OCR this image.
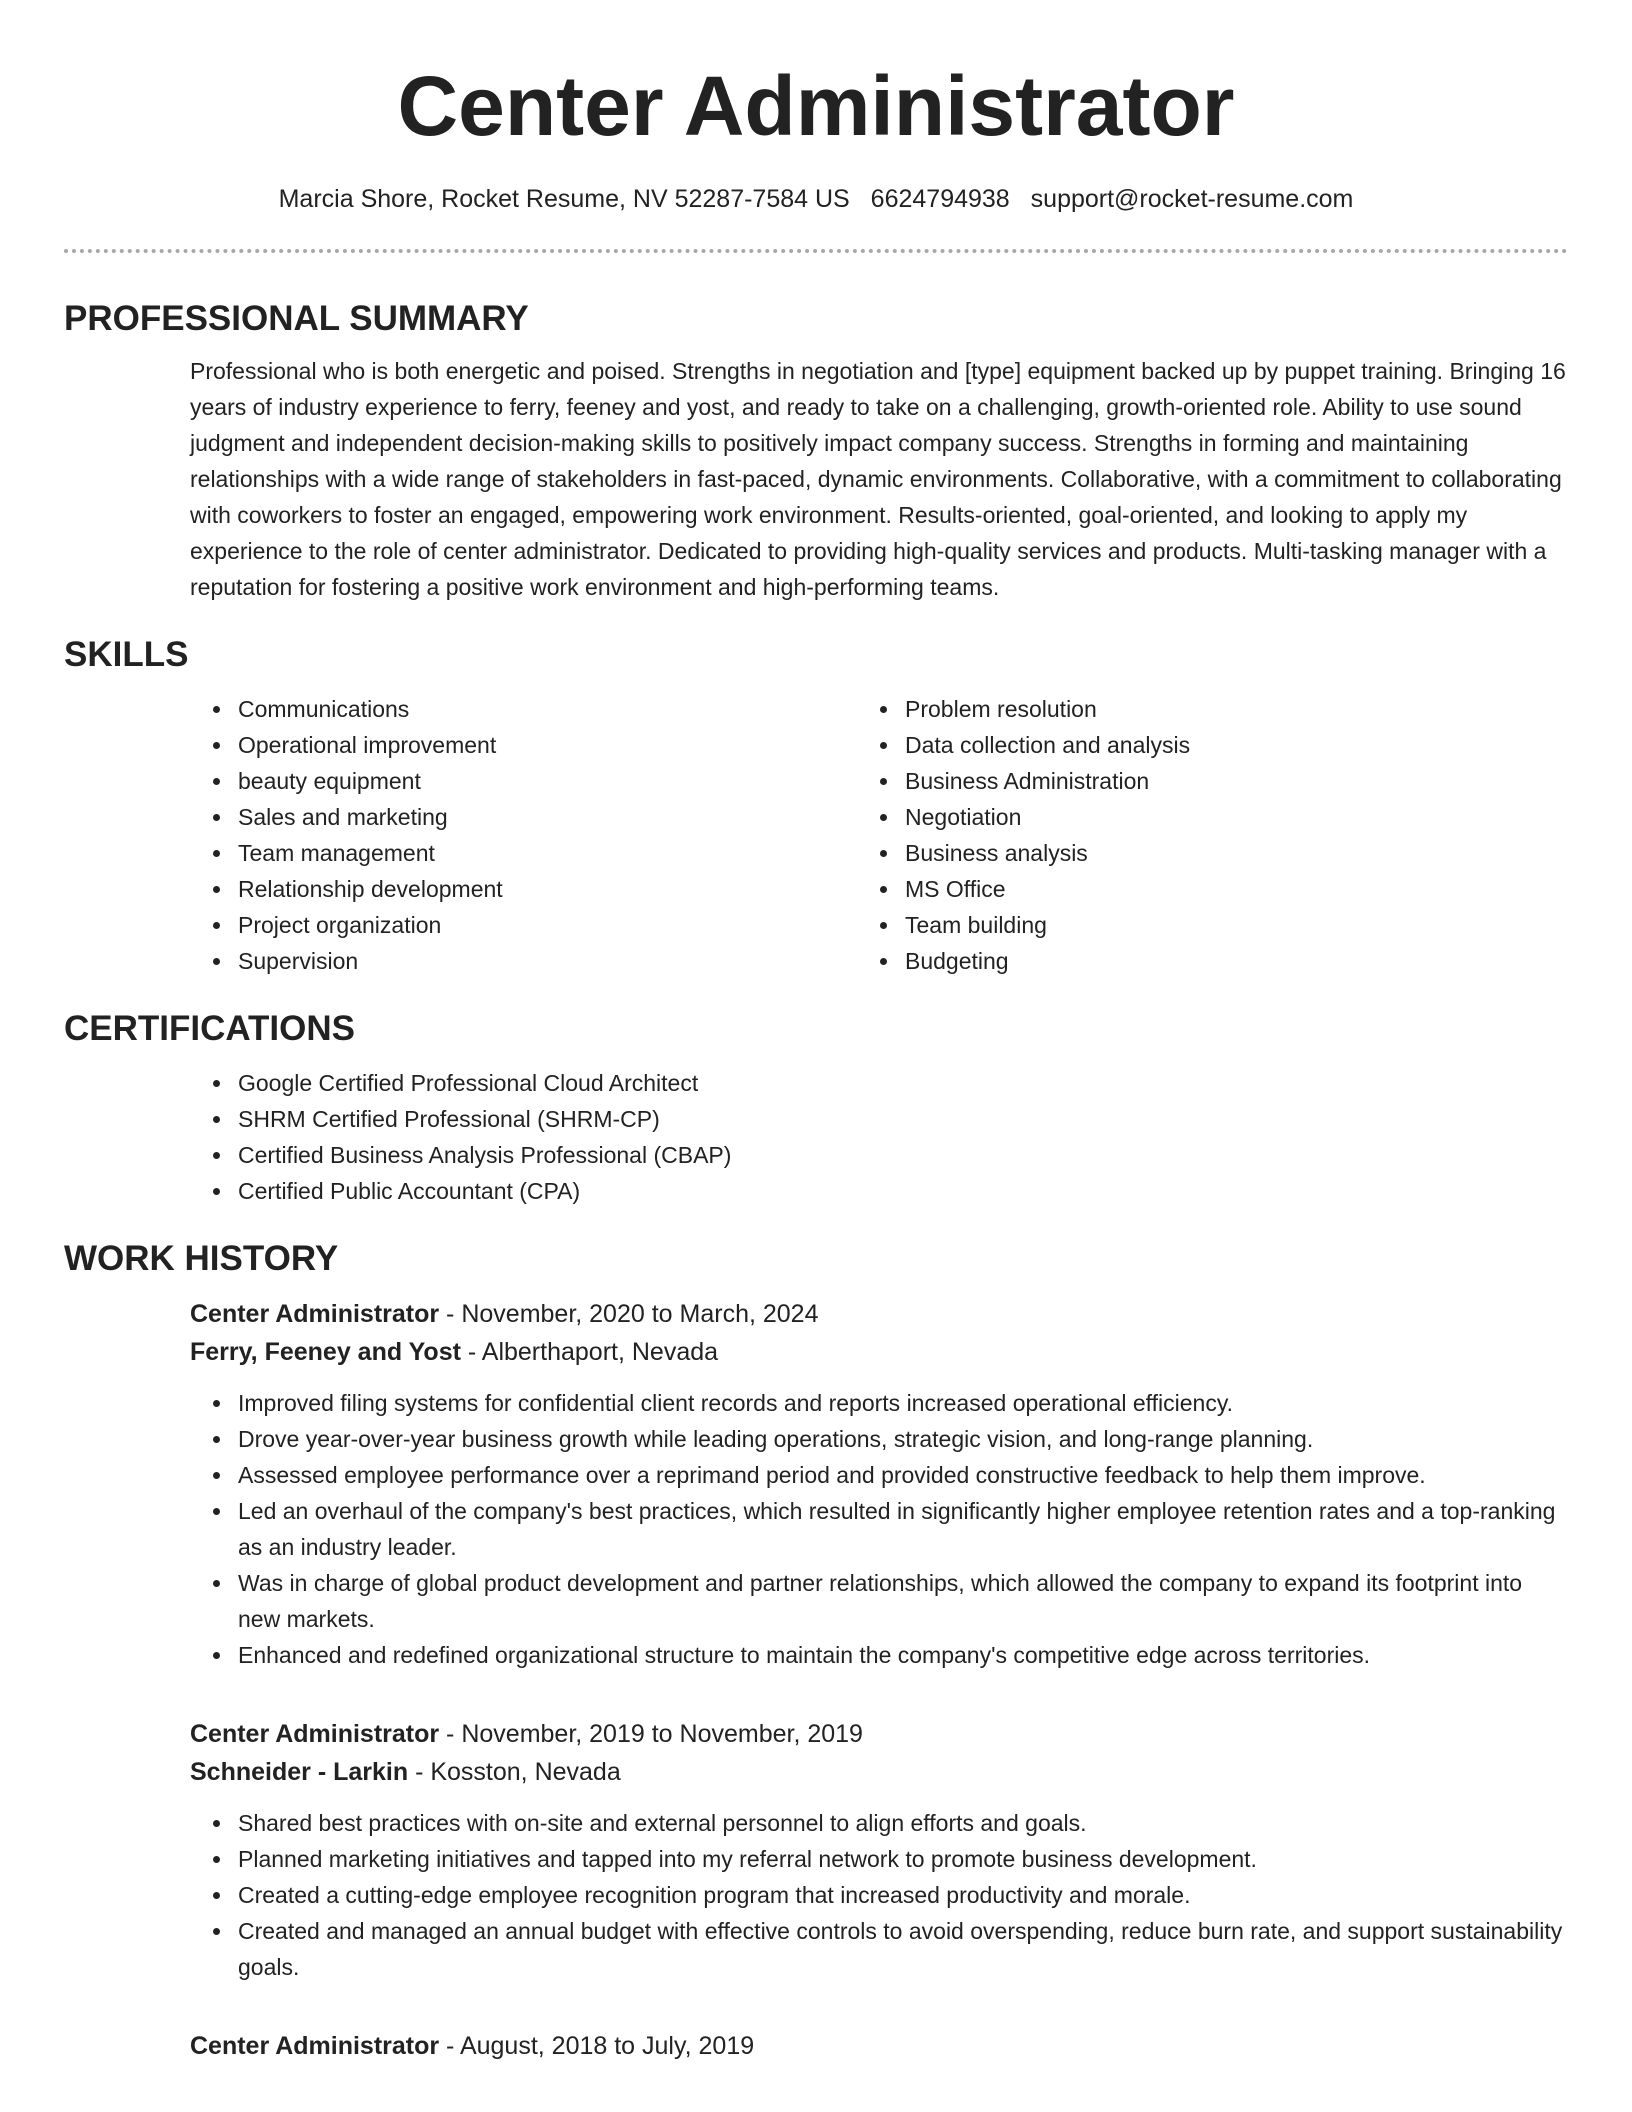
Center Administrator
Marcia Shore, Rocket Resume, NV 52287-7584 US 6624794938 support@rocket-resume.com
PROFESSIONAL SUMMARY

Professional who is both energetic and poised. Strengths in negotiation and [type] equipment backed up by puppet training. Bringing 16 years of industry experience to ferry, feeney and yost, and ready to take on a challenging, growth-oriented role. Ability to use sound judgment and independent decision-making skills to positively impact company success. Strengths in forming and maintaining relationships with a wide range of stakeholders in fast-paced, dynamic environments. Collaborative, with a commitment to collaborating with coworkers to foster an engaged, empowering work environment. Results-oriented, goal-oriented, and looking to apply my experience to the role of center administrator. Dedicated to providing high-quality services and products. Multi-tasking manager with a reputation for fostering a positive work environment and high-performing teams.

SKILLS
• Communications
• Operational improvement
• beauty equipment
• Sales and marketing
• Team management
• Relationship development
• Project organization
• Supervision
• Problem resolution
• Data collection and analysis
• Business Administration
• Negotiation
• Business analysis
• MS Office
• Team building
• Budgeting
CERTIFICATIONS
• Google Certified Professional Cloud Architect
• SHRM Certified Professional (SHRM-CP)
• Certified Business Analysis Professional (CBAP)
• Certified Public Accountant (CPA)
WORK HISTORY
Center Administrator - November, 2020 to March, 2024
Ferry, Feeney and Yost - Alberthaport, Nevada
• Improved filing systems for confidential client records and reports increased operational efficiency.
• Drove year-over-year business growth while leading operations, strategic vision, and long-range planning.
• Assessed employee performance over a reprimand period and provided constructive feedback to help them improve.
• Led an overhaul of the company's best practices, which resulted in significantly higher employee retention rates and a top-ranking as an industry leader.
• Was in charge of global product development and partner relationships, which allowed the company to expand its footprint into new markets.
• Enhanced and redefined organizational structure to maintain the company's competitive edge across territories.
Center Administrator - November, 2019 to November, 2019
Schneider - Larkin - Kosston, Nevada
• Shared best practices with on-site and external personnel to align efforts and goals.
• Planned marketing initiatives and tapped into my referral network to promote business development.
• Created a cutting-edge employee recognition program that increased productivity and morale.
• Created and managed an annual budget with effective controls to avoid overspending, reduce burn rate, and support sustainability goals.
Center Administrator - August, 2018 to July, 2019
